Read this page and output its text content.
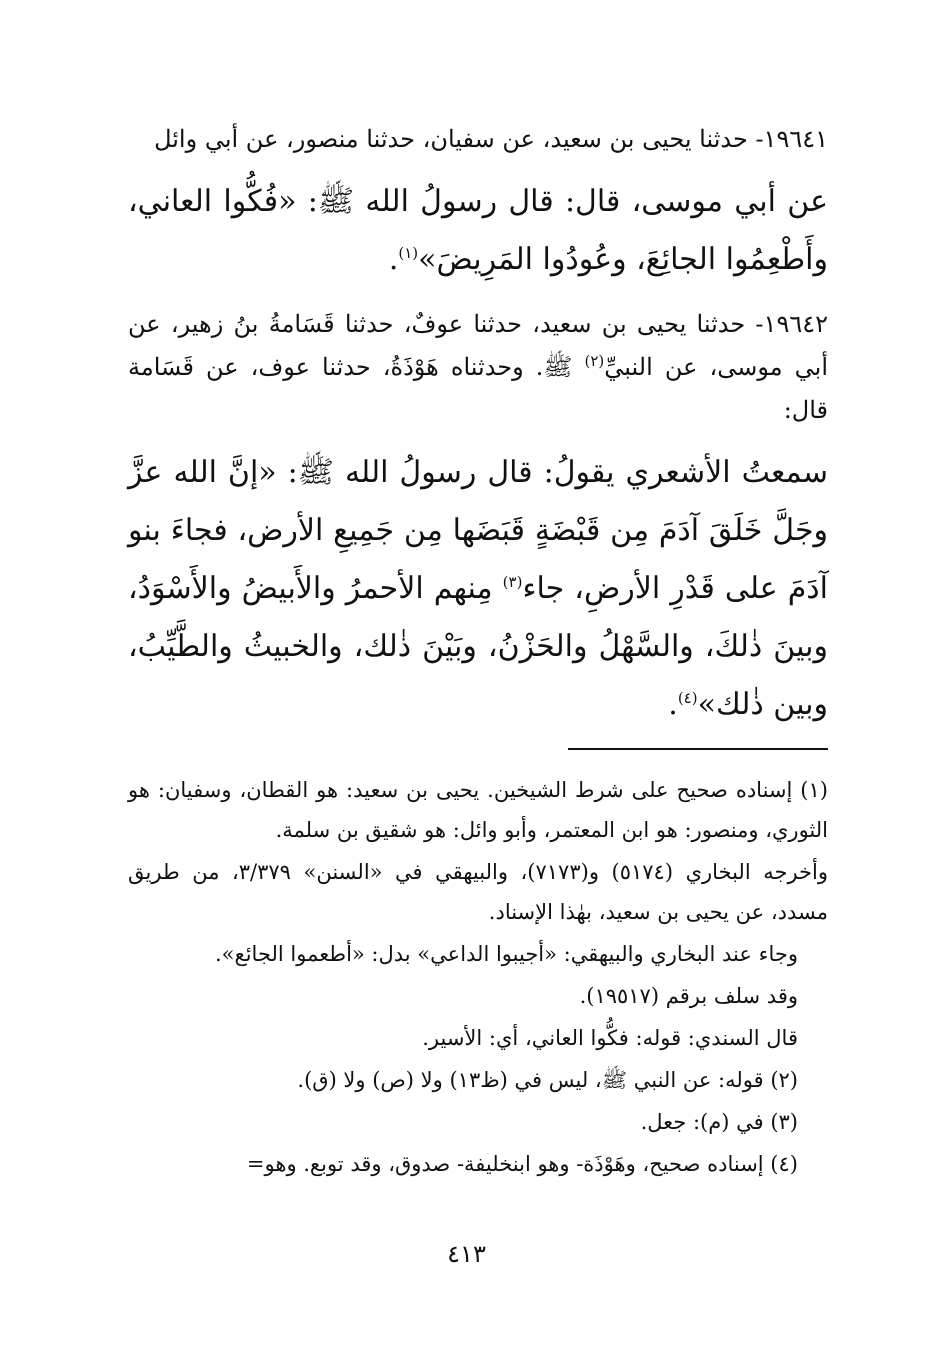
١٩٦٤١- حدثنا يحيى بن سعيد، عن سفيان، حدثنا منصور، عن أبي وائل

عن أبي موسى، قال: قال رسولُ الله ﷺ: «فُكُّوا العاني، وأَطْعِمُوا الجائِعَ، وعُودُوا المَرِيضَ»$^{(١)}$.

١٩٦٤٢- حدثنا يحيى بن سعيد، حدثنا عوفٌ، حدثنا قَسَامةُ بنُ زهير، عن أبي موسى، عن النبيِّ$^{(٢)}$ ﷺ. وحدثناه هَوْذَةُ، حدثنا عوف، عن قَسَامة قال:

سمعتُ الأشعري يقولُ: قال رسولُ الله ﷺ: «إنَّ الله عزَّ وجَلَّ خَلَقَ آدَمَ مِن قَبْضَةٍ قَبَضَها مِن جَمِيعِ الأرض، فجاءَ بنو آدَمَ على قَدْرِ الأرضِ، جاء$^{(٣)}$ مِنهم الأحمرُ والأَبيضُ والأَسْوَدُ، وبينَ ذٰلكَ، والسَّهْلُ والحَزْنُ، وبَيْنَ ذٰلك، والخبيثُ والطَّيِّبُ، وبين ذٰلك»$^{(٤)}$.

(١) إسناده صحيح على شرط الشيخين. يحيى بن سعيد: هو القطان، وسفيان: هو الثوري، ومنصور: هو ابن المعتمر، وأبو وائل: هو شقيق بن سلمة.

وأخرجه البخاري (٥١٧٤) و(٧١٧٣)، والبيهقي في «السنن» ٣/٣٧٩، من طريق مسدد، عن يحيى بن سعيد، بهٰذا الإسناد.

وجاء عند البخاري والبيهقي: «أجيبوا الداعي» بدل: «أطعموا الجائع».

وقد سلف برقم (١٩٥١٧).

قال السندي: قوله: فكُّوا العاني، أي: الأسير.

(٢) قوله: عن النبي ﷺ، ليس في (ظ١٣) ولا (ص) ولا (ق).

(٣) في (م): جعل.

(٤) إسناده صحيح، وهَوْذَة- وهو ابنخليفة- صدوق، وقد توبع. وهو=

٤١٣
